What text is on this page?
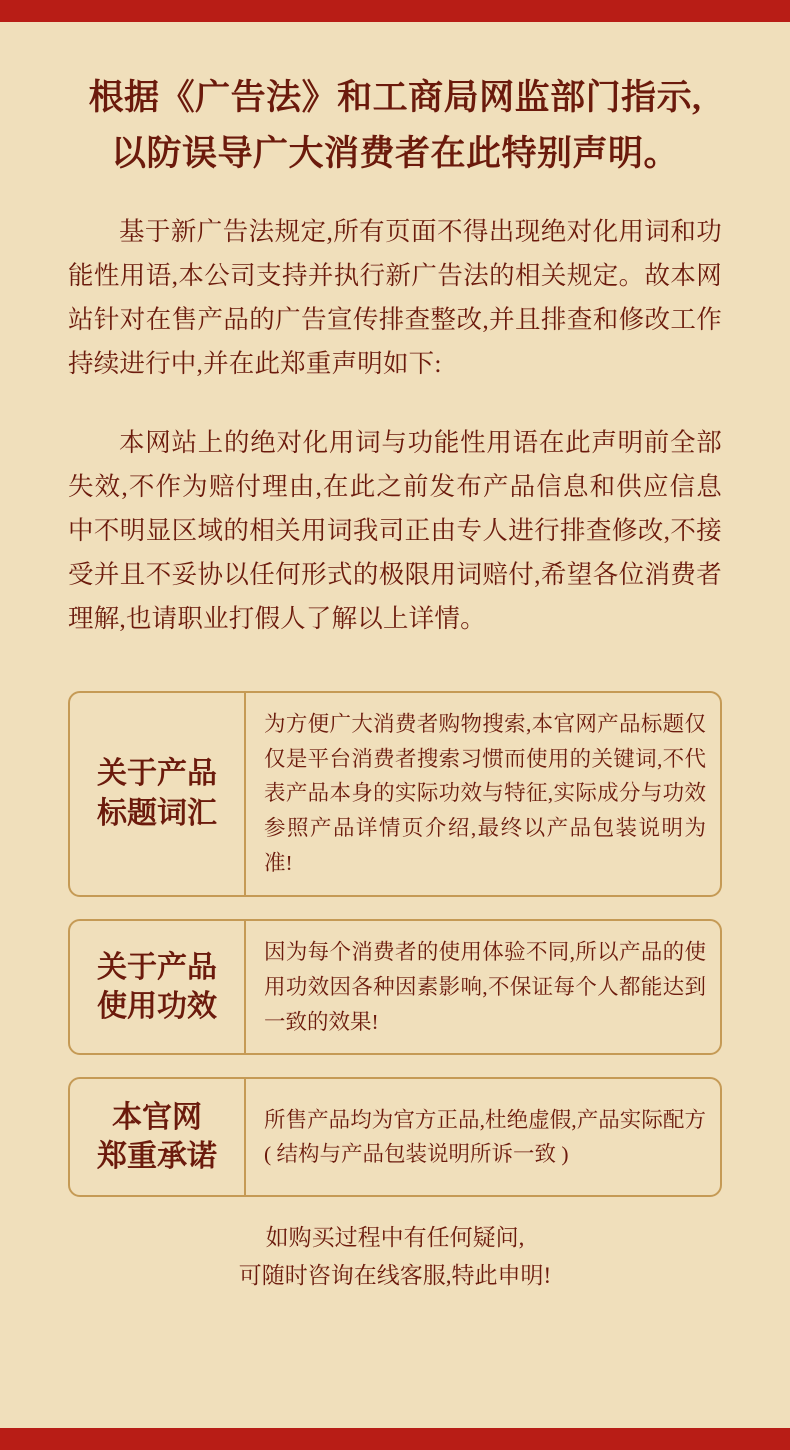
根据《广告法》和工商局网监部门指示,
以防误导广大消费者在此特别声明。

基于新广告法规定,所有页面不得出现绝对化用词和功能性用语,本公司支持并执行新广告法的相关规定。故本网站针对在售产品的广告宣传排查整改,并且排查和修改工作持续进行中,并在此郑重声明如下:

本网站上的绝对化用词与功能性用语在此声明前全部失效,不作为赔付理由,在此之前发布产品信息和供应信息中不明显区域的相关用词我司正由专人进行排查修改,不接受并且不妥协以任何形式的极限用词赔付,希望各位消费者理解,也请职业打假人了解以上详情。

关于产品
标题词汇
为方便广大消费者购物搜索,本官网产品标题仅仅是平台消费者搜索习惯而使用的关键词,不代表产品本身的实际功效与特征,实际成分与功效参照产品详情页介绍,最终以产品包装说明为准!
关于产品
使用功效
因为每个消费者的使用体验不同,所以产品的使用功效因各种因素影响,不保证每个人都能达到一致的效果!
本官网
郑重承诺
所售产品均为官方正品,杜绝虚假,产品实际配方( 结构与产品包装说明所诉一致 )
如购买过程中有任何疑问,
可随时咨询在线客服,特此申明!
